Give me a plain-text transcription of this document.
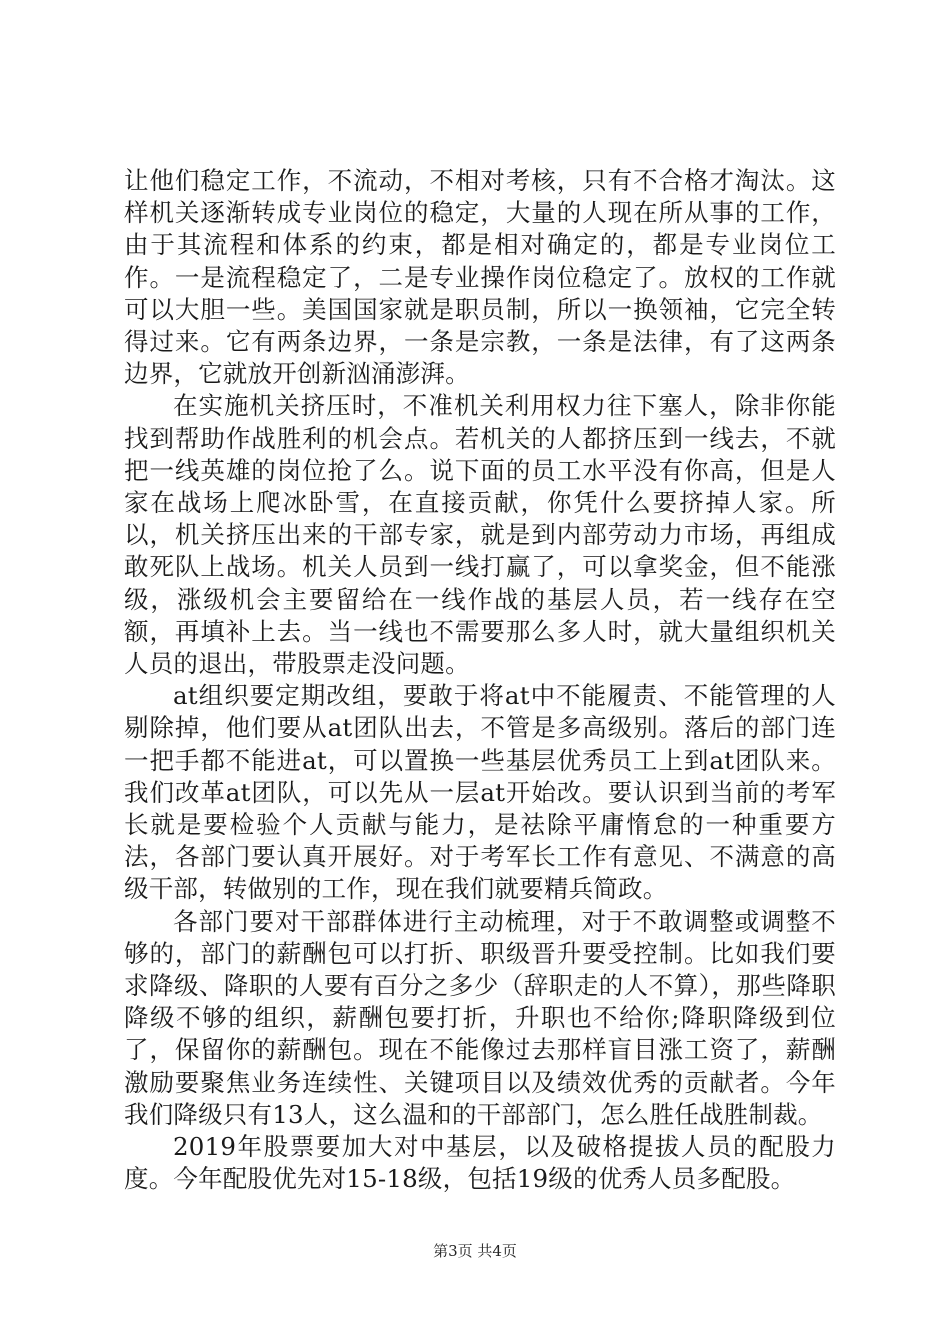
让他们稳定工作，不流动，不相对考核，只有不合格才淘汰。这样机关逐渐转成专业岗位的稳定，大量的人现在所从事的工作，由于其流程和体系的约束，都是相对确定的，都是专业岗位工作。一是流程稳定了，二是专业操作岗位稳定了。放权的工作就可以大胆一些。美国国家就是职员制，所以一换领袖，它完全转得过来。它有两条边界，一条是宗教，一条是法律，有了这两条边界，它就放开创新汹涌澎湃。

在实施机关挤压时，不准机关利用权力往下塞人，除非你能找到帮助作战胜利的机会点。若机关的人都挤压到一线去，不就把一线英雄的岗位抢了么。说下面的员工水平没有你高，但是人家在战场上爬冰卧雪，在直接贡献，你凭什么要挤掉人家。所以，机关挤压出来的干部专家，就是到内部劳动力市场，再组成敢死队上战场。机关人员到一线打赢了，可以拿奖金，但不能涨级，涨级机会主要留给在一线作战的基层人员，若一线存在空额，再填补上去。当一线也不需要那么多人时，就大量组织机关人员的退出，带股票走没问题。

at组织要定期改组，要敢于将at中不能履责、不能管理的人剔除掉，他们要从at团队出去，不管是多高级别。落后的部门连一把手都不能进at，可以置换一些基层优秀员工上到at团队来。我们改革at团队，可以先从一层at开始改。要认识到当前的考军长就是要检验个人贡献与能力，是祛除平庸惰怠的一种重要方法，各部门要认真开展好。对于考军长工作有意见、不满意的高级干部，转做别的工作，现在我们就要精兵简政。

各部门要对干部群体进行主动梳理，对于不敢调整或调整不够的，部门的薪酬包可以打折、职级晋升要受控制。比如我们要求降级、降职的人要有百分之多少（辞职走的人不算），那些降职降级不够的组织，薪酬包要打折，升职也不给你;降职降级到位了，保留你的薪酬包。现在不能像过去那样盲目涨工资了，薪酬激励要聚焦业务连续性、关键项目以及绩效优秀的贡献者。今年我们降级只有13人，这么温和的干部部门，怎么胜任战胜制裁。

2019年股票要加大对中基层，以及破格提拔人员的配股力度。今年配股优先对15-18级，包括19级的优秀人员多配股。

第3页 共4页
